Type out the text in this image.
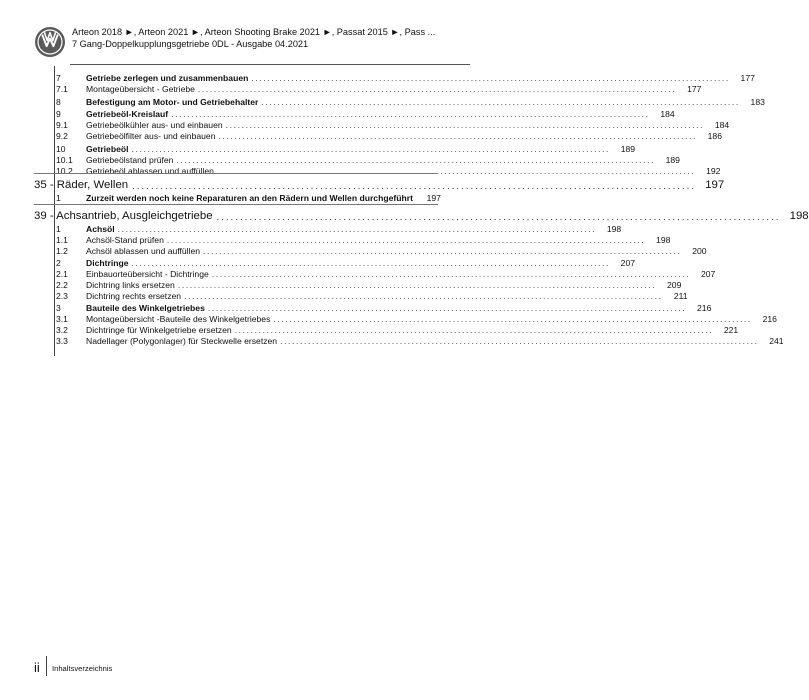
Arteon 2018 ►, Arteon 2021 ►, Arteon Shooting Brake 2021 ►, Passat 2015 ►, Pass ...
7 Gang-Doppelkupplungsgetriebe 0DL - Ausgabe 04.2021
7	Getriebe zerlegen und zusammenbauen ........................................................................................................................	177
7.1	Montageübersicht - Getriebe ........................................................................................................................	177
8	Befestigung am Motor- und Getriebehalter ........................................................................................................................	183
9	Getriebeöl-Kreislauf ........................................................................................................................	184
9.1	Getriebeölkühler aus- und einbauen ........................................................................................................................	184
9.2	Getriebeölfilter aus- und einbauen ........................................................................................................................	186
10	Getriebeöl ........................................................................................................................	189
10.1	Getriebeölstand prüfen ........................................................................................................................	189
10.2	Getriebeöl ablassen und auffüllen ........................................................................................................................	192
35 - Räder, Wellen ........................................................................................................................ 197
1	Zurzeit werden noch keine Reparaturen an den Rädern und Wellen durchgeführt	197
39 - Achsantrieb, Ausgleichgetriebe ........................................................................................................................ 198
1	Achsöl ........................................................................................................................	198
1.1	Achsöl-Stand prüfen ........................................................................................................................	198
1.2	Achsöl ablassen und auffüllen ........................................................................................................................	200
2	Dichtringe ........................................................................................................................	207
2.1	Einbauorteübersicht - Dichtringe ........................................................................................................................	207
2.2	Dichtring links ersetzen ........................................................................................................................	209
2.3	Dichtring rechts ersetzen ........................................................................................................................	211
3	Bauteile des Winkelgetriebes ........................................................................................................................	216
3.1	Montageübersicht -Bauteile des Winkelgetriebes ........................................................................................................................	216
3.2	Dichtringe für Winkelgetriebe ersetzen ........................................................................................................................	221
3.3	Nadellager (Polygonlager) für Steckwelle ersetzen ........................................................................................................................	241
ii Inhaltsverzeichnis
